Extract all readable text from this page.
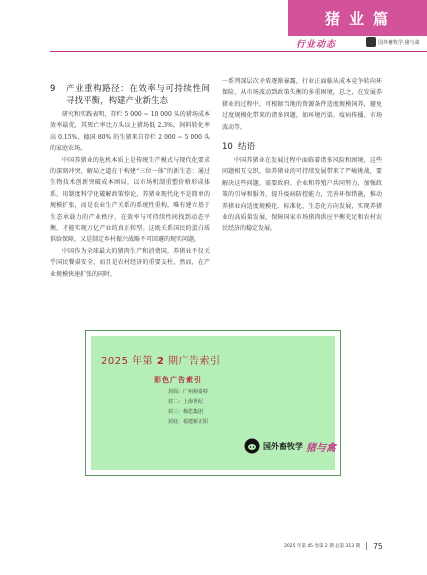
猪业篇
行业动态	国外畜牧学·猪与禽
9	产业重构路径：在效率与可持续性间寻找平衡，构建产业新生态

研究和实践表明，存栏 5 000 ~ 10 000 头的猪场成本效率最优，其死亡率比万头以上猪场低 2.3%，饲料转化率高 0.15%，德国 80% 的生猪来自存栏 2 000 ~ 5 000 头的家庭农场。

中国养猪业的危机本质上是传统生产模式与现代化要求的深刻冲突，解局之道在于构建“三位一体”的新生态：通过生物技术创新突破成本困局，以市场机制重塑价格形成体系，用制度科学化破解政策悖论，养猪业现代化不是简单的规模扩张，而是农业生产关系的系统性重构，唯有建立基于生态承载力的产业秩序，在效率与可持续性间找到动态平衡，才能实现万亿产业的真正转型。这既关系国民的蛋白质供给保障，又是制定乡村振兴战略不可回避的现实问题。

中国作为全球最大的猪肉生产和消费国，养猪业不仅关乎国民餐桌安全，而且是农村经济的重要支柱，然而，在产业规模快速扩张的同时，

一系列深层次矛盾逐渐暴露，行业正面临从成本竞争转向环保险、从市场波动到政策失衡的多重困境，总之，在发展养猪业的过程中，可根据当地的资源条件适度规模饲养，避免过度规模化带来的诸多问题，如环境污染、疫病传播、市场波动等。

10 结语

中国养猪业在发展过程中面临着诸多风险和困境，这些问题相互交织，给养猪业的可持续发展带来了严峻挑战，要解决这些问题，需要政府、企业和养殖户共同努力，加强政策的引导和服务，提升疫病防控能力，完善环保措施，推动养猪业向适度规模化、标准化、生态化方向发展，实现养猪业的高质量发展，保障国家市场猪肉供应平衡充足和农村农民经济的稳定发展。

2025 年第 2 期广告索引
彩色广告索引
封面：广州裕泰特
封二：上海世纪
封三：梅思集团
封底：福建新正阳
国外畜牧学 猪与禽
2025 年第 45 卷第 2 期 总第 313 期 75
